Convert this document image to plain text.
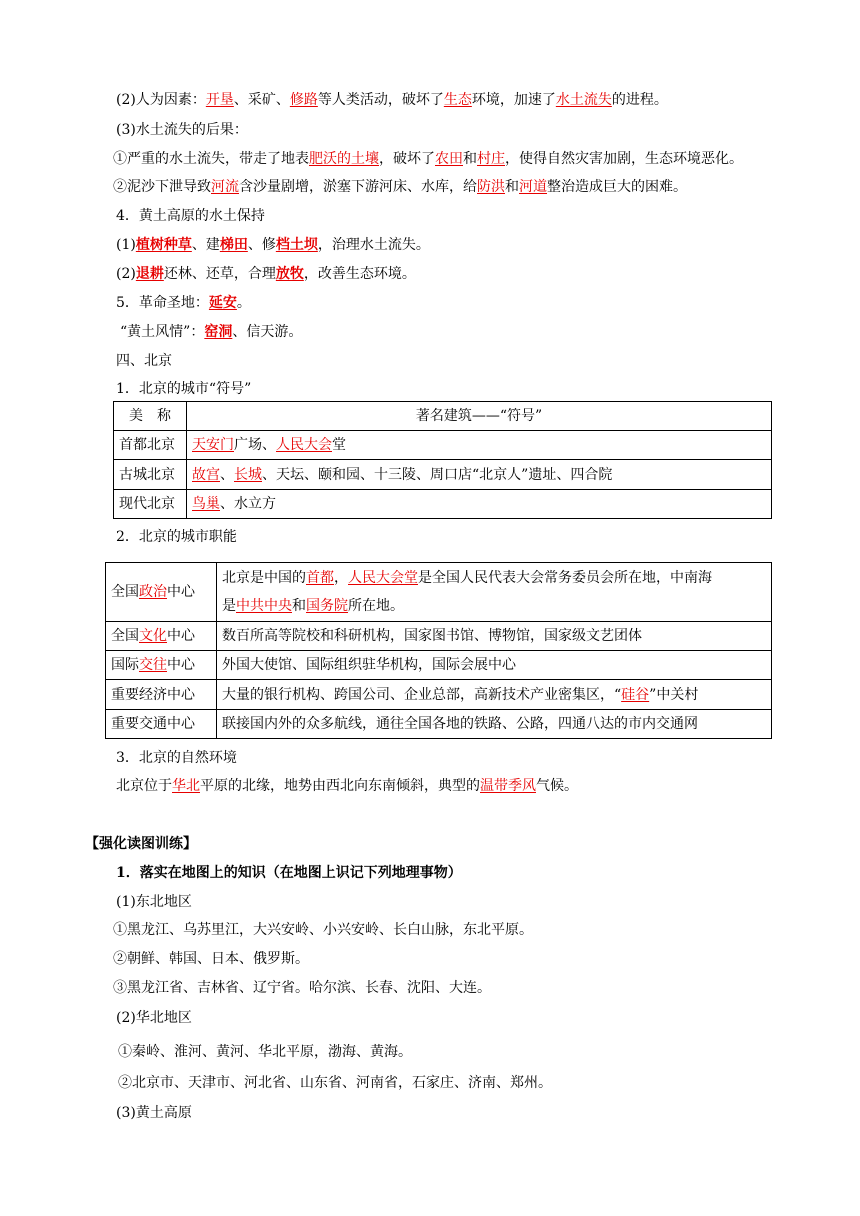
(2)人为因素：开垦、采矿、修路等人类活动，破坏了生态环境，加速了水土流失的进程。
(3)水土流失的后果：
①严重的水土流失，带走了地表肥沃的土壤，破坏了农田和村庄，使得自然灾害加剧，生态环境恶化。
②泥沙下泄导致河流含沙量剧增，淤塞下游河床、水库，给防洪和河道整治造成巨大的困难。
4．黄土高原的水土保持
(1)植树种草、建梯田、修档土坝，治理水土流失。
(2)退耕还林、还草，合理放牧，改善生态环境。
5．革命圣地：延安。
“黄土风情”：窑洞、信天游。
四、北京
1．北京的城市“符号”
美　称	著名建筑——“符号”
首都北京	天安门广场、人民大会堂
古城北京	故宫、长城、天坛、颐和园、十三陵、周口店“北京人”遗址、四合院
现代北京	鸟巢、水立方
2．北京的城市职能
全国政治中心	北京是中国的首都，人民大会堂是全国人民代表大会常务委员会所在地，中南海
是中共中央和国务院所在地。
全国文化中心	数百所高等院校和科研机构，国家图书馆、博物馆，国家级文艺团体
国际交往中心	外国大使馆、国际组织驻华机构，国际会展中心
重要经济中心	大量的银行机构、跨国公司、企业总部，高新技术产业密集区，“硅谷”中关村
重要交通中心	联接国内外的众多航线，通往全国各地的铁路、公路，四通八达的市内交通网
3．北京的自然环境
北京位于华北平原的北缘，地势由西北向东南倾斜，典型的温带季风气候。
【强化读图训练】
1．落实在地图上的知识（在地图上识记下列地理事物）
(1)东北地区
①黑龙江、乌苏里江，大兴安岭、小兴安岭、长白山脉，东北平原。
②朝鲜、韩国、日本、俄罗斯。
③黑龙江省、吉林省、辽宁省。哈尔滨、长春、沈阳、大连。
(2)华北地区
①秦岭、淮河、黄河、华北平原，渤海、黄海。
②北京市、天津市、河北省、山东省、河南省，石家庄、济南、郑州。
(3)黄土高原
